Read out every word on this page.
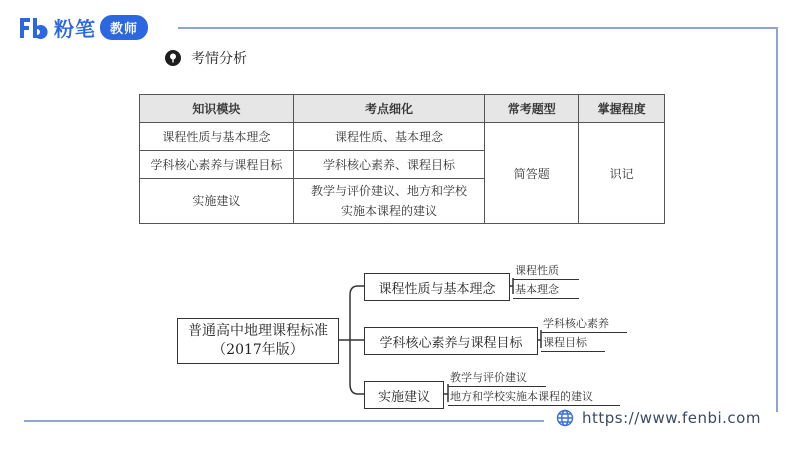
粉笔	教师
考情分析
知识模块	考点细化	常考题型	掌握程度
课程性质与基本理念	课程性质、基本理念	简答题	识记
学科核心素养与课程目标	学科核心素养、课程目标		
实施建议	教学与评价建议、地方和学校
实施本课程的建议		
普通高中地理课程标准
（2017年版）
课程性质与基本理念
学科核心素养与课程目标
实施建议
课程性质
基本理念
学科核心素养
课程目标
教学与评价建议
地方和学校实施本课程的建议
https://www.fenbi.com
